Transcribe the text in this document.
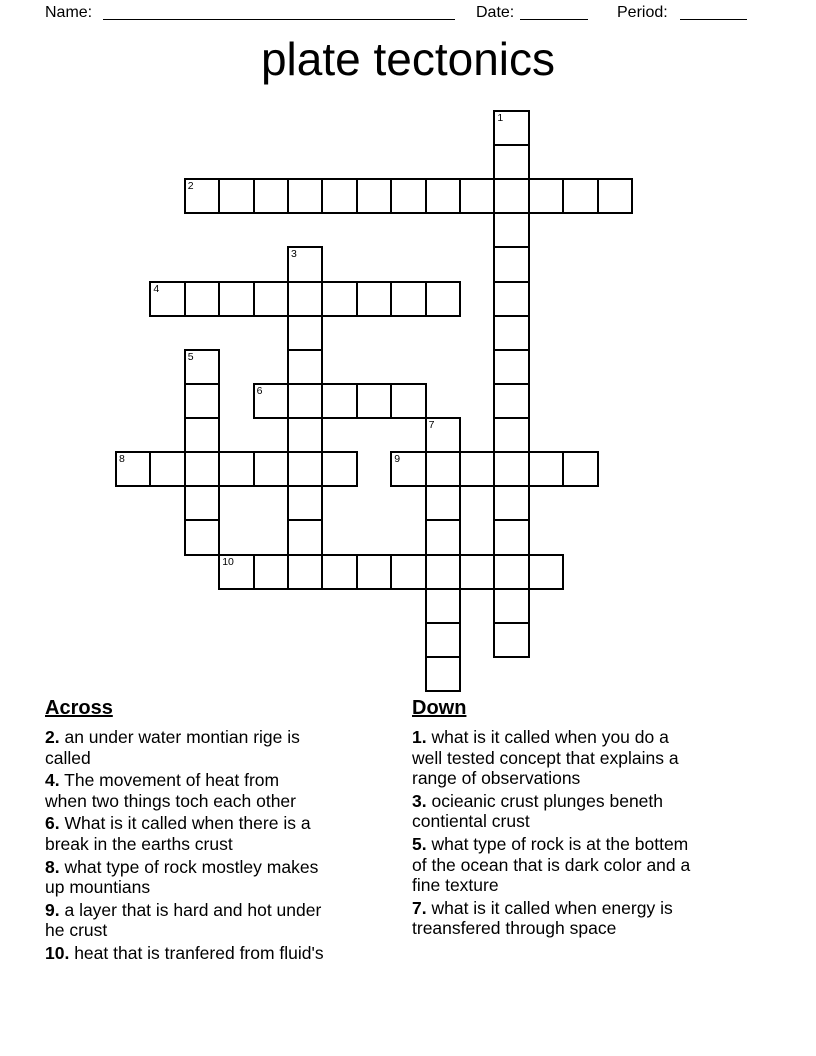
Name:	Date:	Period:
plate tectonics
1
2
3
4
5
6
7
8	9
10
Across

2. an under water montian rige is
called

4. The movement of heat from
when two things toch each other

6. What is it called when there is a
break in the earths crust

8. what type of rock mostley makes
up mountians

9. a layer that is hard and hot under
he crust

10. heat that is tranfered from fluid's

Down

1. what is it called when you do a
well tested concept that explains a
range of observations

3. ocieanic crust plunges beneth
contiental crust

5. what type of rock is at the bottem
of the ocean that is dark color and a
fine texture

7. what is it called when energy is
treansfered through space
